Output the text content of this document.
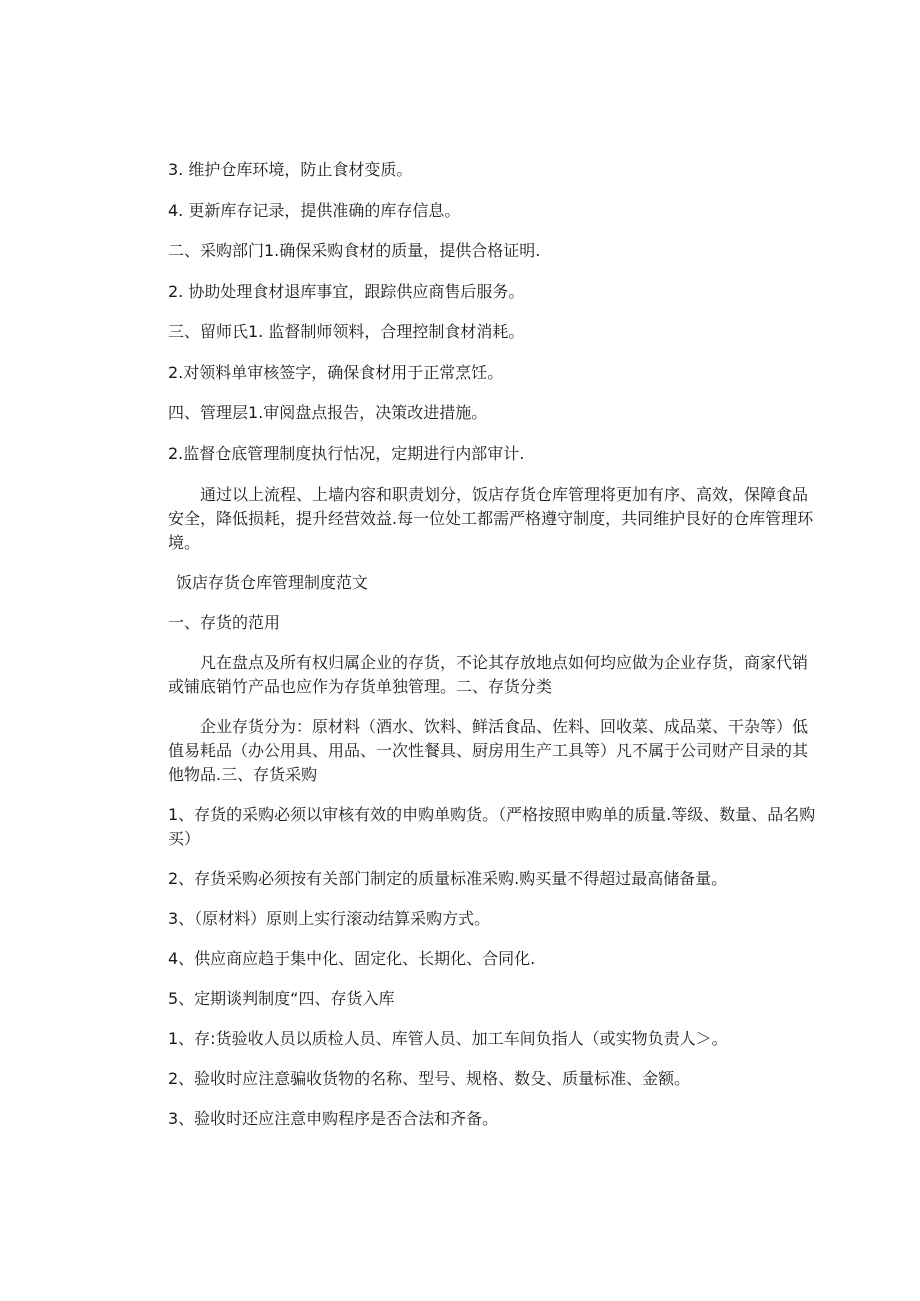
3. 维护仓库环境，防止食材变质。

4. 更新库存记录，提供准确的库存信息。

二、采购部门1.确保采购食材的质量，提供合格证明.

2. 协助处理食材退库事宜，跟踪供应商售后服务。

三、留师氏1. 监督制师领料，合理控制食材消耗。

2.对领料单审核签字，确保食材用于正常烹饪。

四、管理层1.审阅盘点报告，决策改进措施。

2.监督仓底管理制度执行怙况，定期进行内部审计.

通过以上流程、上墙内容和职责划分，饭店存货仓库管理将更加有序、高效，保障食品安全，降低损耗，提升经营效益.每一位处工都需严格遵守制度，共同维护艮好的仓库管理环境。

饭店存货仓库管理制度范文

一、存货的范用

凡在盘点及所有权归属企业的存货，不论其存放地点如何均应做为企业存货，商家代销或铺底销竹产品也应作为存货单独管理。二、存货分类

企业存货分为：原材料（酒水、饮料、鲜活食品、佐料、回收菜、成品菜、干杂等）低值易耗品（办公用具、用品、一次性餐具、厨房用生产工具等）凡不属于公司财产目录的其他物品.三、存货采购

1、存货的采购必须以审核有效的申购单购货。（严格按照申购单的质量.等级、数量、品名购买）

2、存货采购必须按有关部门制定的质量标准采购.购买量不得超过最高储备量。

3、（原材料）原则上实行滚动结算采购方式。

4、供应商应趋于集中化、固定化、长期化、合同化.

5、定期谈判制度“四、存货入库

1、存:货验收人员以质检人员、库管人员、加工车间负指人（或实物负责人＞。

2、验收时应注意骗收货物的名称、型号、规格、数殳、质量标准、金额。

3、验收时还应注意申购程序是否合法和齐备。
